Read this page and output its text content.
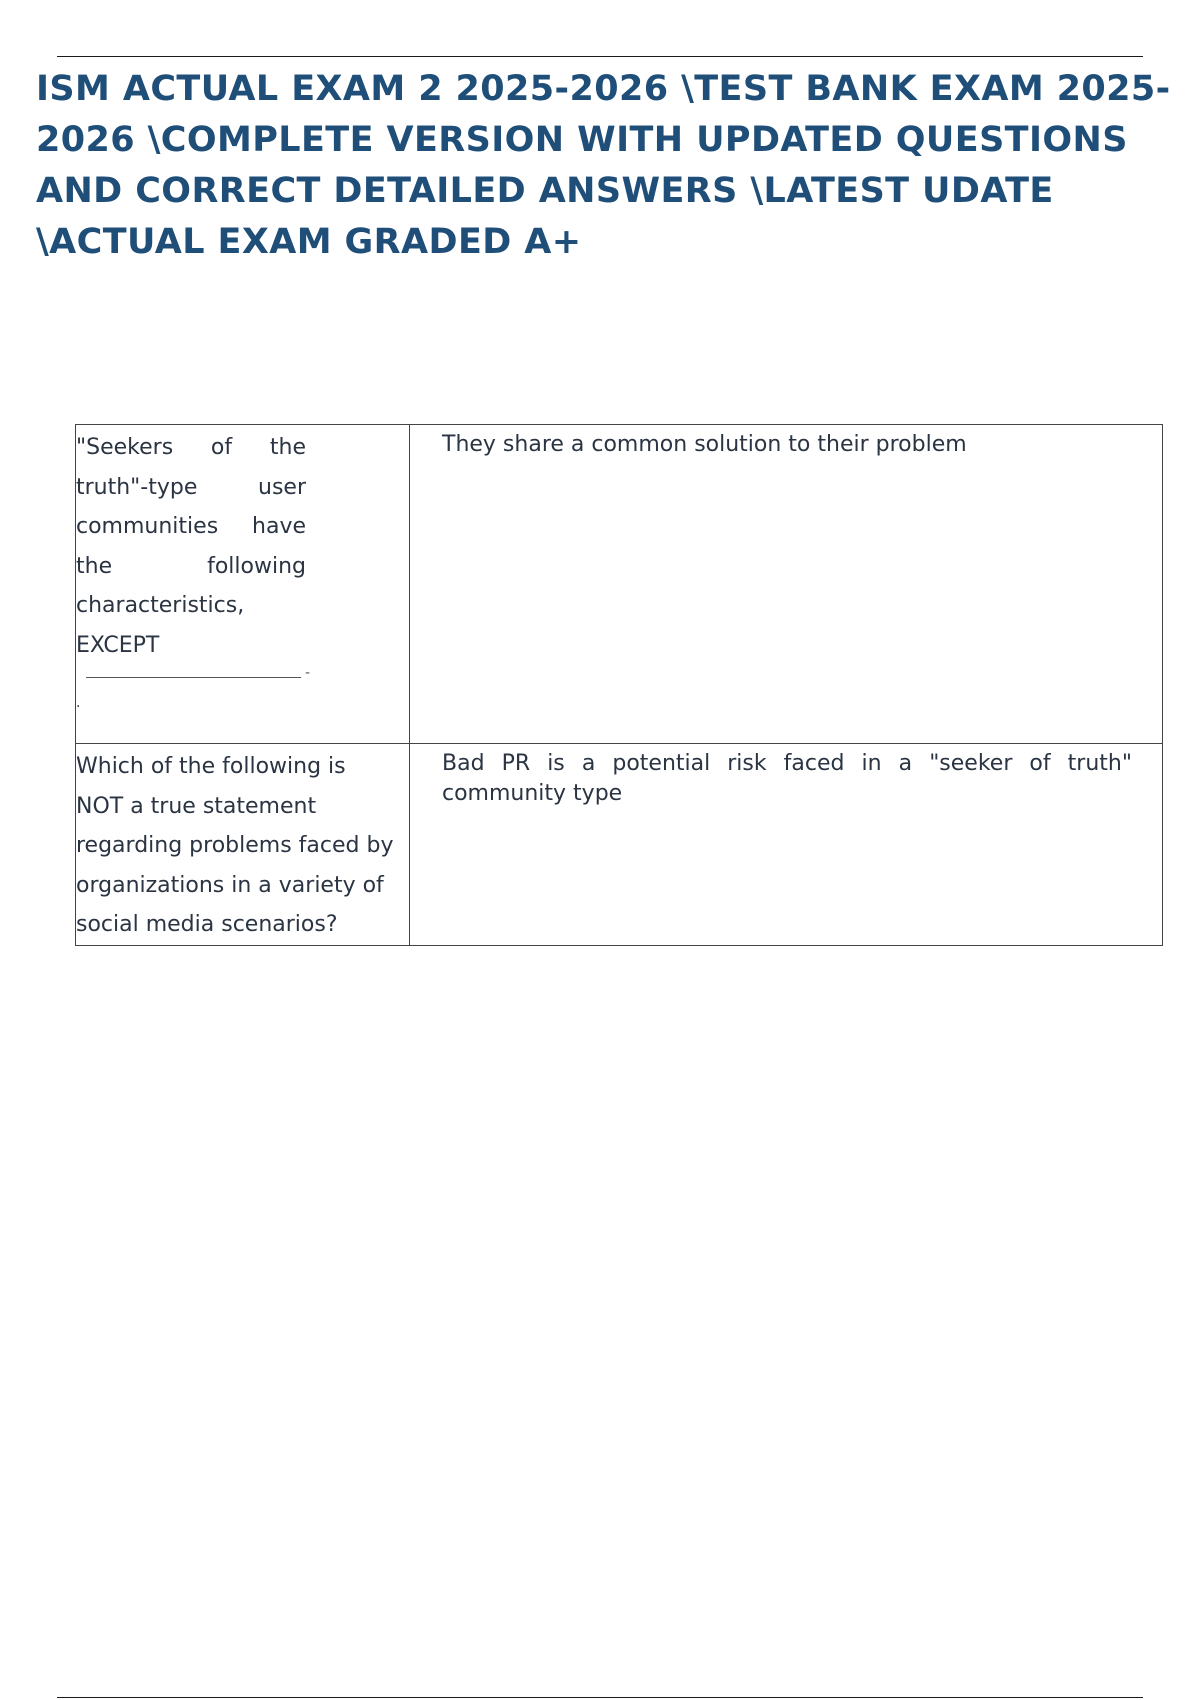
ISM ACTUAL EXAM 2 2025-2026 \TEST BANK EXAM 2025-
2026 \COMPLETE VERSION WITH UPDATED QUESTIONS
AND CORRECT DETAILED ANSWERS \LATEST UDATE
\ACTUAL EXAM GRADED A+
"Seekers of the truth"-type user communities have the following characteristics, EXCEPT
-
.	They share a common solution to their problem

Which of the following is NOT a true statement regarding problems faced by organizations in a variety of social media scenarios?	Bad PR is a potential risk faced in a "seeker of truth" community type
